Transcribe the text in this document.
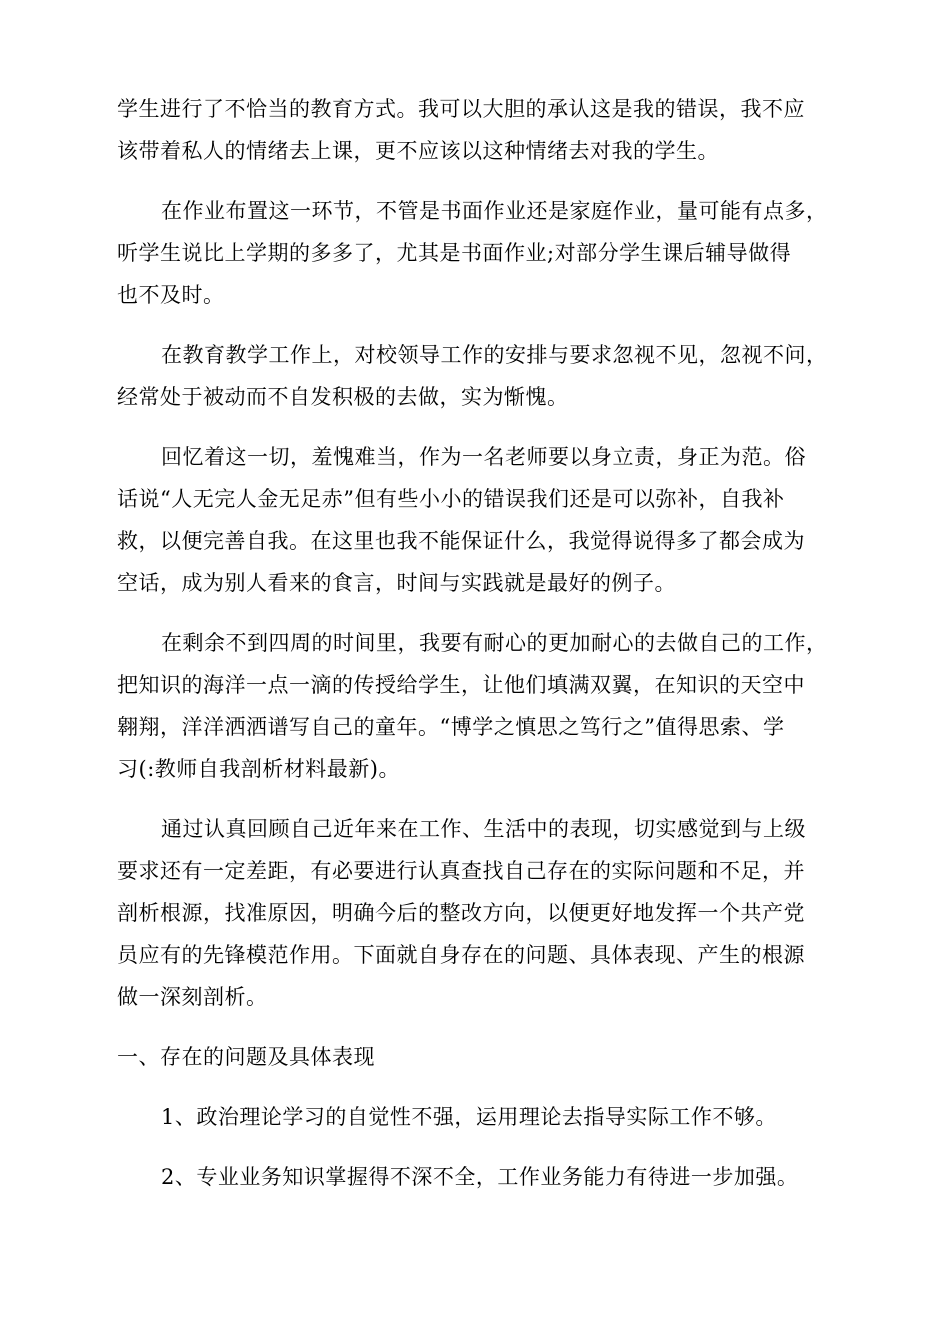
学生进行了不恰当的教育方式。我可以大胆的承认这是我的错误，我不应
该带着私人的情绪去上课，更不应该以这种情绪去对我的学生。
在作业布置这一环节，不管是书面作业还是家庭作业，量可能有点多，
听学生说比上学期的多多了，尤其是书面作业;对部分学生课后辅导做得
也不及时。
在教育教学工作上，对校领导工作的安排与要求忽视不见，忽视不问，
经常处于被动而不自发积极的去做，实为惭愧。
回忆着这一切，羞愧难当，作为一名老师要以身立责，身正为范。俗
话说“人无完人金无足赤”但有些小小的错误我们还是可以弥补，自我补
救，以便完善自我。在这里也我不能保证什么，我觉得说得多了都会成为
空话，成为别人看来的食言，时间与实践就是最好的例子。
在剩余不到四周的时间里，我要有耐心的更加耐心的去做自己的工作，
把知识的海洋一点一滴的传授给学生，让他们填满双翼，在知识的天空中
翱翔，洋洋洒洒谱写自己的童年。“博学之慎思之笃行之”值得思索、学
习(:教师自我剖析材料最新)。
通过认真回顾自己近年来在工作、生活中的表现，切实感觉到与上级
要求还有一定差距，有必要进行认真查找自己存在的实际问题和不足，并
剖析根源，找准原因，明确今后的整改方向，以便更好地发挥一个共产党
员应有的先锋模范作用。下面就自身存在的问题、具体表现、产生的根源
做一深刻剖析。
一、存在的问题及具体表现
1、政治理论学习的自觉性不强，运用理论去指导实际工作不够。
2、专业业务知识掌握得不深不全，工作业务能力有待进一步加强。
